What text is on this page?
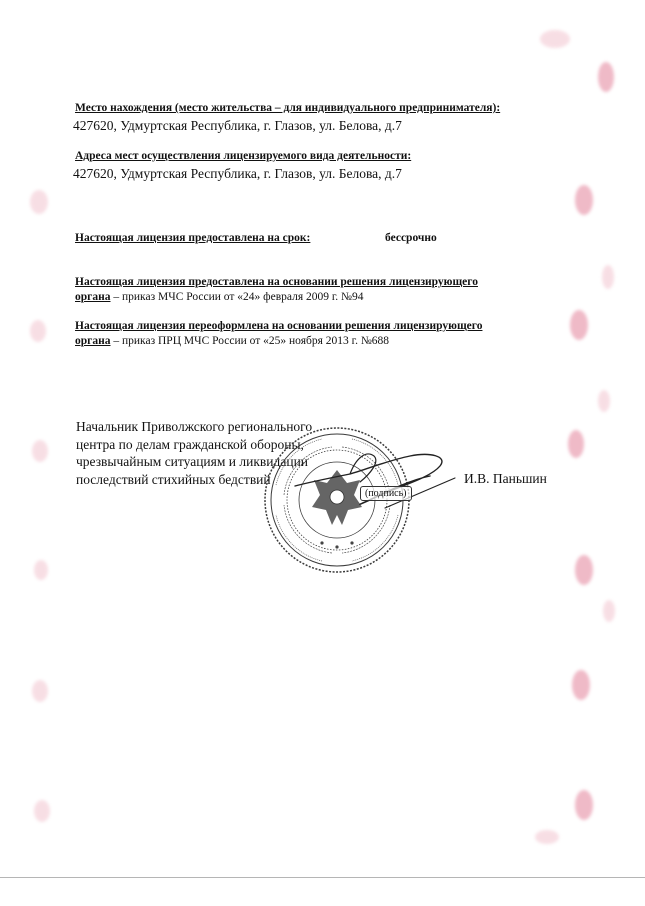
Место нахождения (место жительства – для индивидуального предпринимателя):
427620, Удмуртская Республика, г. Глазов, ул. Белова, д.7
Адреса мест осуществления лицензируемого вида деятельности:
427620, Удмуртская Республика, г. Глазов, ул. Белова, д.7
Настоящая лицензия предоставлена на срок:	бессрочно
Настоящая лицензия предоставлена на основании решения лицензирующего
органа – приказ МЧС России от «24» февраля 2009 г. №94
Настоящая лицензия переоформлена на основании решения лицензирующего
органа – приказ ПРЦ МЧС России от «25» ноября 2013 г. №688
Начальник Приволжского регионального
центра по делам гражданской обороны,
чрезвычайным ситуациям и ликвидации
последствий стихийных бедствий	И.В. Паньшин
(подпись)
